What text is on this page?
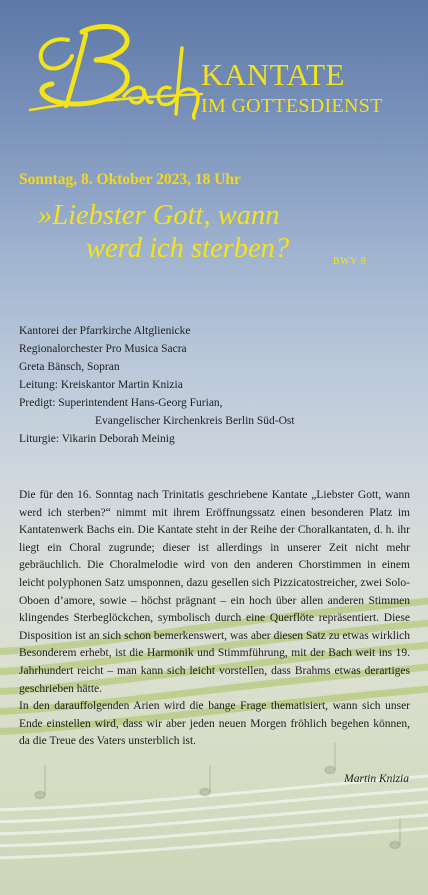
KANTATE
IM GOTTESDIENST
Sonntag, 8. Oktober 2023, 18 Uhr
»Liebster Gott, wann
werd ich sterben?	BWV 8
Kantorei der Pfarrkirche Altglienicke
Regionalorchester Pro Musica Sacra
Greta Bänsch, Sopran
Leitung: Kreiskantor Martin Knizia
Predigt: Superintendent Hans-Georg Furian,
Evangelischer Kirchenkreis Berlin Süd-Ost
Liturgie: Vikarin Deborah Meinig

Die für den 16. Sonntag nach Trinitatis geschriebene Kantate „Liebster Gott, wann werd ich sterben?“ nimmt mit ihrem Eröffnungssatz einen besonderen Platz im Kantatenwerk Bachs ein. Die Kantate steht in der Reihe der Choralkantaten, d. h. ihr liegt ein Choral zugrunde; dieser ist allerdings in unserer Zeit nicht mehr gebräuchlich. Die Choralmelodie wird von den anderen Chorstimmen in einem leicht polyphonen Satz umsponnen, dazu gesellen sich Pizzicatostreicher, zwei Solo-Oboen d’amore, sowie – höchst prägnant – ein hoch über allen anderen Stimmen klingendes Sterbeglöckchen, symbolisch durch eine Querflöte repräsentiert. Diese Disposition ist an sich schon bemerkenswert, was aber diesen Satz zu etwas wirklich Besonderem erhebt, ist die Harmonik und Stimmführung, mit der Bach weit ins 19. Jahrhundert reicht – man kann sich leicht vorstellen, dass Brahms etwas derartiges geschrieben hätte.

In den darauffolgenden Arien wird die bange Frage thematisiert, wann sich unser Ende einstellen wird, dass wir aber jeden neuen Morgen fröhlich begehen können, da die Treue des Vaters unsterblich ist.

Martin Knizia
